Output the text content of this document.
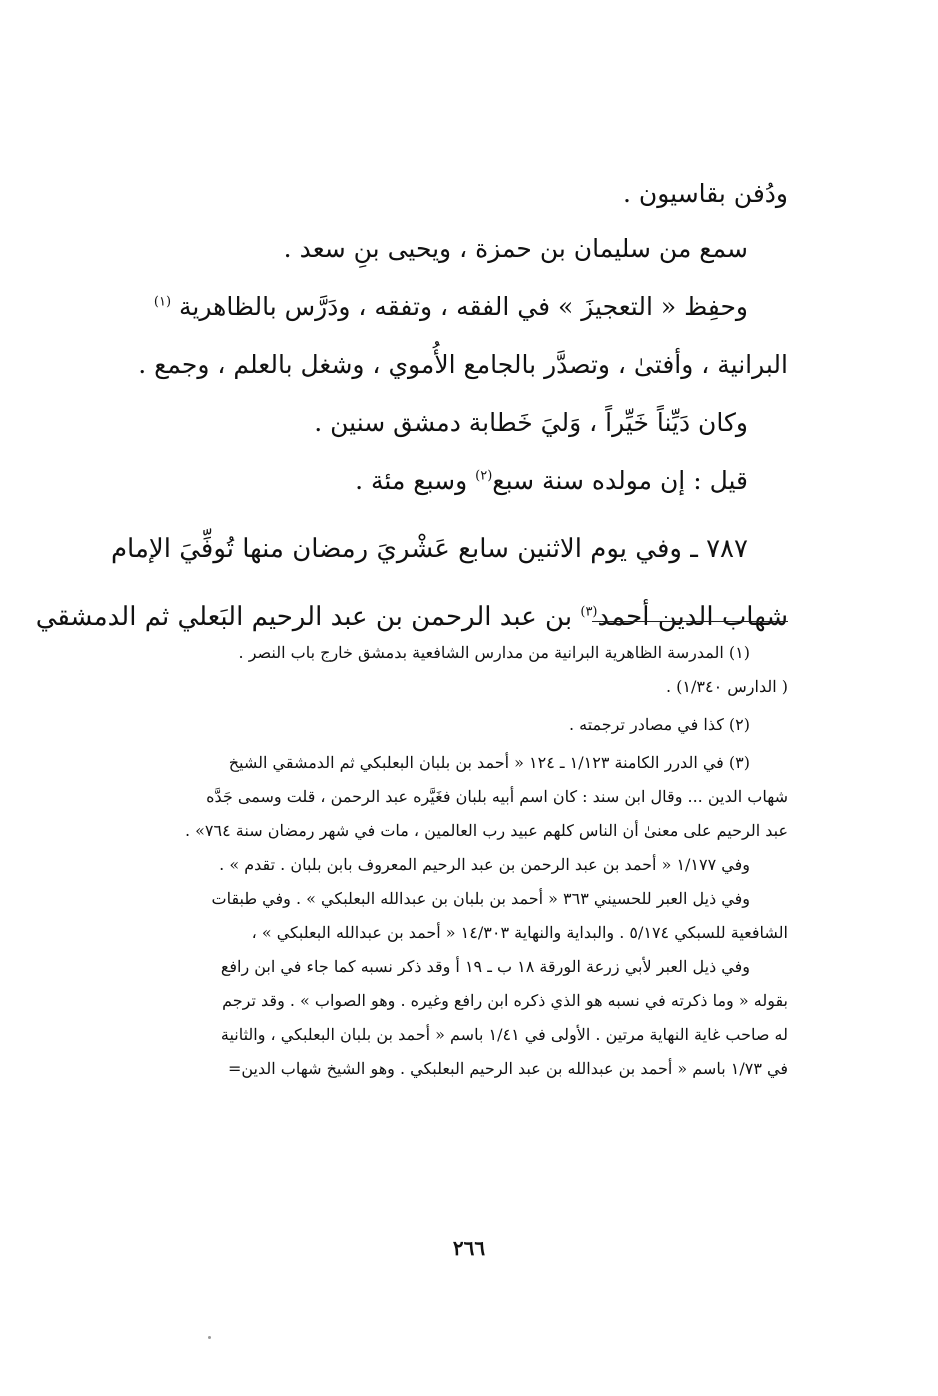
ودُفن بقاسيون .
سمع من سليمان بن حمزة ، ويحيى بنِ سعد .
وحفِظ « التعجيزَ » في الفقه ، وتفقه ، ودَرَّس بالظاهرية $^{(١)}$
البرانية ، وأفتىٰ ، وتصدَّر بالجامع الأُموي ، وشغل بالعلم ، وجمع .
وكان دَيِّناً خَيِّراً ، وَليَ خَطابة دمشق سنين .
قيل : إن مولده سنة سبع$^{(٢)}$ وسبع مئة .
٧٨٧ ـ وفي يوم الاثنين سابع عَشْريَ رمضان منها تُوفِّيَ الإمام
شهاب الدين أحمد$^{(٣)}$ بن عبد الرحمن بن عبد الرحيم البَعلي ثم الدمشقي
(١) المدرسة الظاهرية البرانية من مدارس الشافعية بدمشق خارج باب النصر .
( الدارس ١/٣٤٠) .
(٢) كذا في مصادر ترجمته .
(٣) في الدرر الكامنة ١/١٢٣ ـ ١٢٤ « أحمد بن بلبان البعلبكي ثم الدمشقي الشيخ
شهاب الدين ... وقال ابن سند : كان اسم أبيه بلبان فغَيَّره عبد الرحمن ، قلت وسمى جَدَّه
عبد الرحيم على معنىٰ أن الناس كلهم عبيد رب العالمين ، مات في شهر رمضان سنة ٧٦٤» .
وفي ١/١٧٧ « أحمد بن عبد الرحمن بن عبد الرحيم المعروف بابن بلبان . تقدم » .
وفي ذيل العبر للحسيني ٣٦٣ « أحمد بن بلبان بن عبدالله البعلبكي » . وفي طبقات
الشافعية للسبكي ٥/١٧٤ . والبداية والنهاية ١٤/٣٠٣ « أحمد بن عبدالله البعلبكي » ،
وفي ذيل العبر لأبي زرعة الورقة ١٨ ب ـ ١٩ أ وقد ذكر نسبه كما جاء في ابن رافع
بقوله « وما ذكرته في نسبه هو الذي ذكره ابن رافع وغيره . وهو الصواب » . وقد ترجم
له صاحب غاية النهاية مرتين . الأولى في ١/٤١ باسم « أحمد بن بلبان البعلبكي ، والثانية
في ١/٧٣ باسم « أحمد بن عبدالله بن عبد الرحيم البعلبكي . وهو الشيخ شهاب الدين=
٢٦٦
